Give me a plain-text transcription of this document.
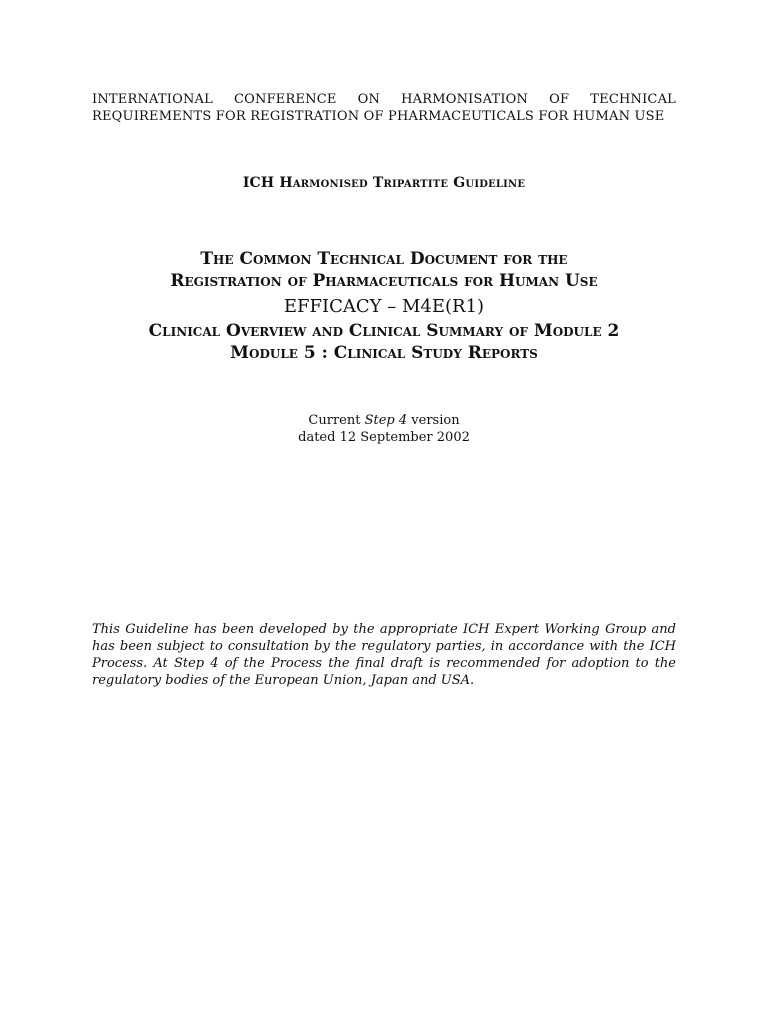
INTERNATIONAL CONFERENCE ON HARMONISATION OF TECHNICAL REQUIREMENTS FOR REGISTRATION OF PHARMACEUTICALS FOR HUMAN USE
ICH Harmonised Tripartite Guideline
The Common Technical Document for the
Registration of Pharmaceuticals for Human Use
EFFICACY – M4E(R1)
Clinical Overview and Clinical Summary of Module 2
Module 5 : Clinical Study Reports
Current Step 4 version
dated 12 September 2002
This Guideline has been developed by the appropriate ICH Expert Working Group and has been subject to consultation by the regulatory parties, in accordance with the ICH Process. At Step 4 of the Process the final draft is recommended for adoption to the regulatory bodies of the European Union, Japan and USA.
